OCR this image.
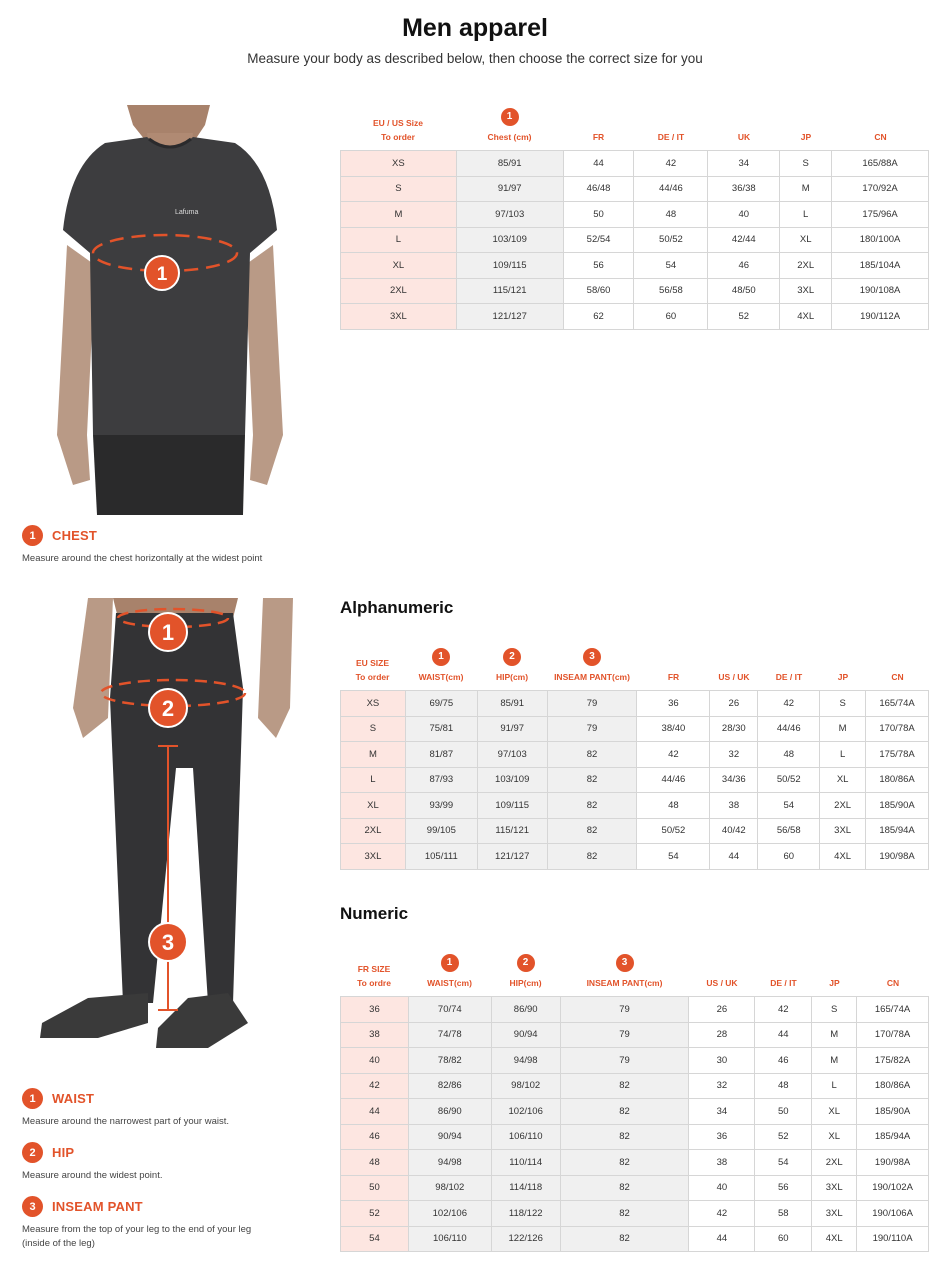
Men apparel
Measure your body as described below, then choose the correct size for you
Lafuma
1
1	CHEST
Measure around the chest horizontally at the widest point
1
2
3
1	WAIST
Measure around the narrowest part of your waist.
2	HIP
Measure around the widest point.
3	INSEAM PANT
Measure from the top of your leg to the end of your leg (inside of the leg)
EU / US Size
To order
1
Chest (cm)	FR	DE / IT	UK	JP	CN
XS	85/91	44	42	34	S	165/88A
S	91/97	46/48	44/46	36/38	M	170/92A
M	97/103	50	48	40	L	175/96A
L	103/109	52/54	50/52	42/44	XL	180/100A
XL	109/115	56	54	46	2XL	185/104A
2XL	115/121	58/60	56/58	48/50	3XL	190/108A
3XL	121/127	62	60	52	4XL	190/112A
Alphanumeric
EU SIZE
To order
1
WAIST(cm)
2
HIP(cm)
3
INSEAM PANT(cm)	FR	US / UK	DE / IT	JP	CN
XS	69/75	85/91	79	36	26	42	S	165/74A
S	75/81	91/97	79	38/40	28/30	44/46	M	170/78A
M	81/87	97/103	82	42	32	48	L	175/78A
L	87/93	103/109	82	44/46	34/36	50/52	XL	180/86A
XL	93/99	109/115	82	48	38	54	2XL	185/90A
2XL	99/105	115/121	82	50/52	40/42	56/58	3XL	185/94A
3XL	105/111	121/127	82	54	44	60	4XL	190/98A
Numeric
FR SIZE
To ordre
1
WAIST(cm)
2
HIP(cm)
3
INSEAM PANT(cm)	US / UK	DE / IT	JP	CN
36	70/74	86/90	79	26	42	S	165/74A
38	74/78	90/94	79	28	44	M	170/78A
40	78/82	94/98	79	30	46	M	175/82A
42	82/86	98/102	82	32	48	L	180/86A
44	86/90	102/106	82	34	50	XL	185/90A
46	90/94	106/110	82	36	52	XL	185/94A
48	94/98	110/114	82	38	54	2XL	190/98A
50	98/102	114/118	82	40	56	3XL	190/102A
52	102/106	118/122	82	42	58	3XL	190/106A
54	106/110	122/126	82	44	60	4XL	190/110A
